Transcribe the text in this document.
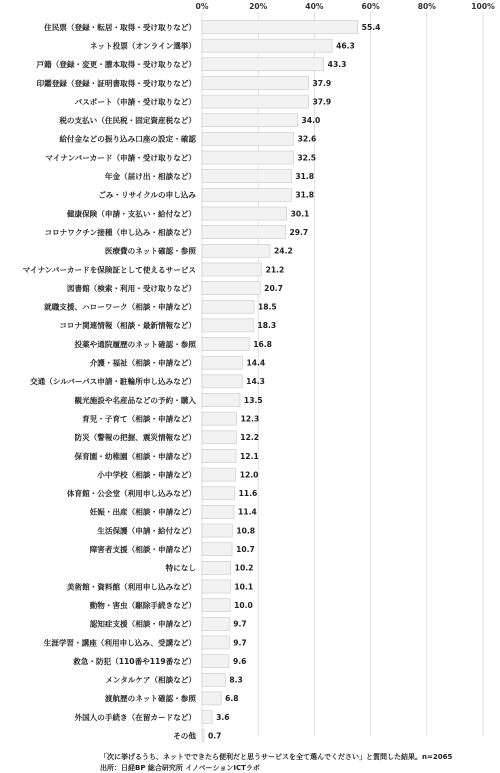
0%	20%	40%	60%	80%	100%
住民票（登録・転居・取得・受け取りなど）
ネット投票（オンライン選挙）
戸籍（登録・変更・謄本取得・受け取りなど）
印鑑登録（登録・証明書取得・受け取りなど）
パスポート（申請・受け取りなど）
税の支払い（住民税・固定資産税など）
給付金などの振り込み口座の設定・確認
マイナンバーカード（申請・受け取りなど）
年金（届け出・相談など）
ごみ・リサイクルの申し込み
健康保険（申請・支払い・給付など）
コロナワクチン接種（申し込み・相談など）
医療費のネット確認・参照
マイナンバーカードを保険証として使えるサービス
図書館（検索・利用・受け取りなど）
就職支援、ハローワーク（相談・申請など）
コロナ関連情報（相談・最新情報など）
投薬や通院履歴のネット確認・参照
介護・福祉（相談・申請など）
交通（シルバーパス申請・駐輪所申し込みなど）
観光施設や名産品などの予約・購入
育児・子育て（相談・申請など）
防災（警報の把握、震災情報など）
保育園・幼稚園（相談・申請など）
小中学校（相談・申請など）
体育館・公会堂（利用申し込みなど）
妊娠・出産（相談・申請など）
生活保護（申請・給付など）
障害者支援（相談・申請など）
特になし
美術館・資料館（利用申し込みなど）
動物・害虫（駆除手続きなど）
認知症支援（相談・申請など）
生涯学習・講座（利用申し込み、受講など）
救急・防犯（110番や119番など）
メンタルケア（相談など）
渡航歴のネット確認・参照
外国人の手続き（在留カードなど）
その他
55.4
46.3
43.3
37.9
37.9
34.0
32.6
32.5
31.8
31.8
30.1
29.7
24.2
21.2
20.7
18.5
18.3
16.8
14.4
14.3
13.5
12.3
12.2
12.1
12.0
11.6
11.4
10.8
10.7
10.2
10.1
10.0
9.7
9.7
9.6
8.3
6.8
3.6
0.7
「次に挙げるうち、ネットでできたら便利だと思うサービスを全て選んでください」と質問した結果。n=2065
出所：日経BP 総合研究所 イノベーションICTラボ
